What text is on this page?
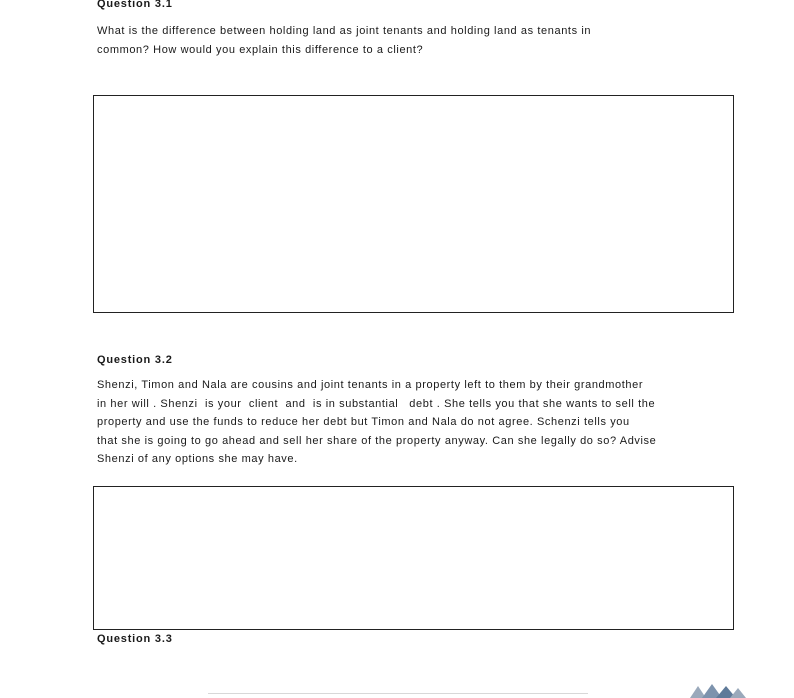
Question 3.1
What is the difference between holding land as joint tenants and holding land as tenants in
common? How would you explain this difference to a client?
Question 3.2
Shenzi, Timon and Nala are cousins and joint tenants in a property left to them by their grandmother
in her will . Shenzi  is your  client  and  is in substantial   debt . She tells you that she wants to sell the
property and use the funds to reduce her debt but Timon and Nala do not agree. Schenzi tells you
that she is going to go ahead and sell her share of the property anyway. Can she legally do so? Advise
Shenzi of any options she may have.
Question 3.3
